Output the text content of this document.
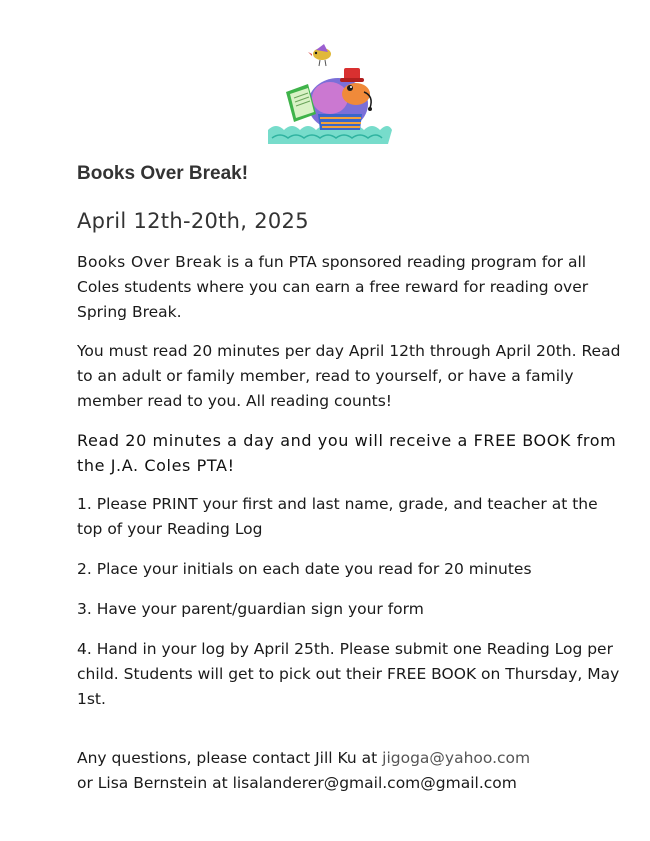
Books Over Break!
April 12th-20th, 2025

Books Over Break is a fun PTA sponsored reading program for all Coles students where you can earn a free reward for reading over Spring Break.

You must read 20 minutes per day April 12th through April 20th. Read to an adult or family member, read to yourself, or have a family member read to you. All reading counts!

Read 20 minutes a day and you will receive a FREE BOOK from the J.A. Coles PTA!

1. Please PRINT your first and last name, grade, and teacher at the top of your Reading Log

2. Place your initials on each date you read for 20 minutes

3. Have your parent/guardian sign your form

4. Hand in your log by April 25th. Please submit one Reading Log per child. Students will get to pick out their FREE BOOK on Thursday, May 1st.

Any questions, please contact Jill Ku at jigoga@yahoo.com
or Lisa Bernstein at lisalanderer@gmail.com@gmail.com
